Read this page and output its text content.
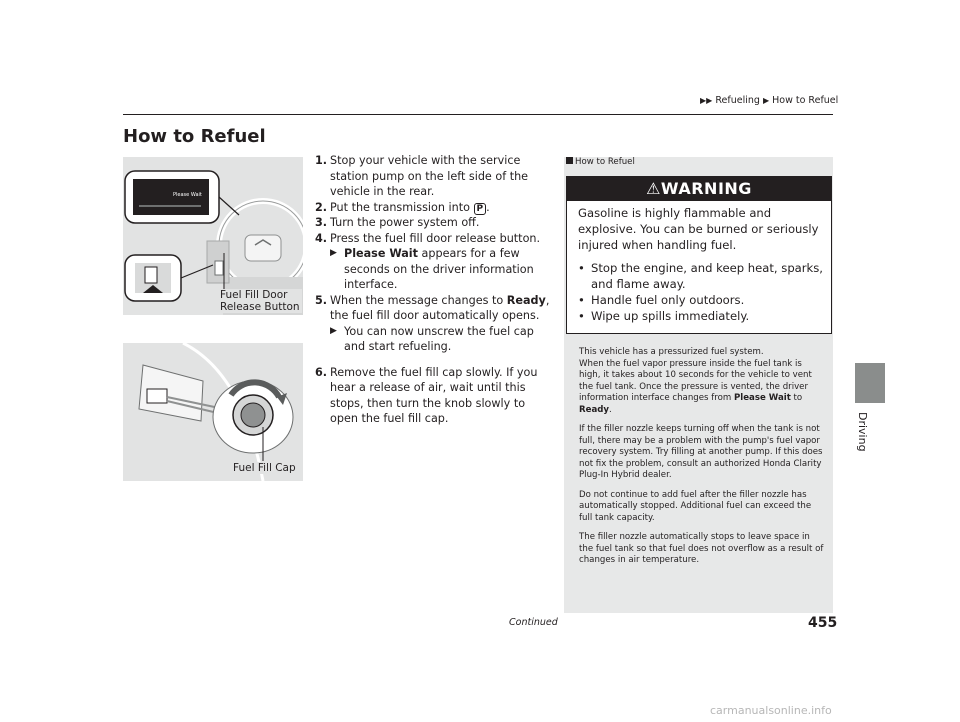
▶▶ Refueling ▶ How to Refuel
How to Refuel
Driving
Please Wait
Fuel Fill Door
Release Button
Fuel Fill Cap
1. Stop your vehicle with the service station pump on the left side of the vehicle in the rear.
2. Put the transmission into P .
3. Turn the power system off.
4. Press the fuel fill door release button.
▶ Please Wait appears for a few seconds on the driver information interface.
5. When the message changes to Ready, the fuel fill door automatically opens.
▶ You can now unscrew the fuel cap and start refueling.
6. Remove the fuel fill cap slowly. If you hear a release of air, wait until this stops, then turn the knob slowly to open the fuel fill cap.
How to Refuel
⚠WARNING
Gasoline is highly flammable and explosive. You can be burned or seriously injured when handling fuel.
• Stop the engine, and keep heat, sparks, and flame away.
• Handle fuel only outdoors.
• Wipe up spills immediately.

This vehicle has a pressurized fuel system.
When the fuel vapor pressure inside the fuel tank is high, it takes about 10 seconds for the vehicle to vent the fuel tank. Once the pressure is vented, the driver information interface changes from Please Wait to Ready.

If the filler nozzle keeps turning off when the tank is not full, there may be a problem with the pump's fuel vapor recovery system. Try filling at another pump. If this does not fix the problem, consult an authorized Honda Clarity Plug-In Hybrid dealer.

Do not continue to add fuel after the filler nozzle has automatically stopped. Additional fuel can exceed the full tank capacity.

The filler nozzle automatically stops to leave space in the fuel tank so that fuel does not overflow as a result of changes in air temperature.

Continued	455
carmanualsonline.info
